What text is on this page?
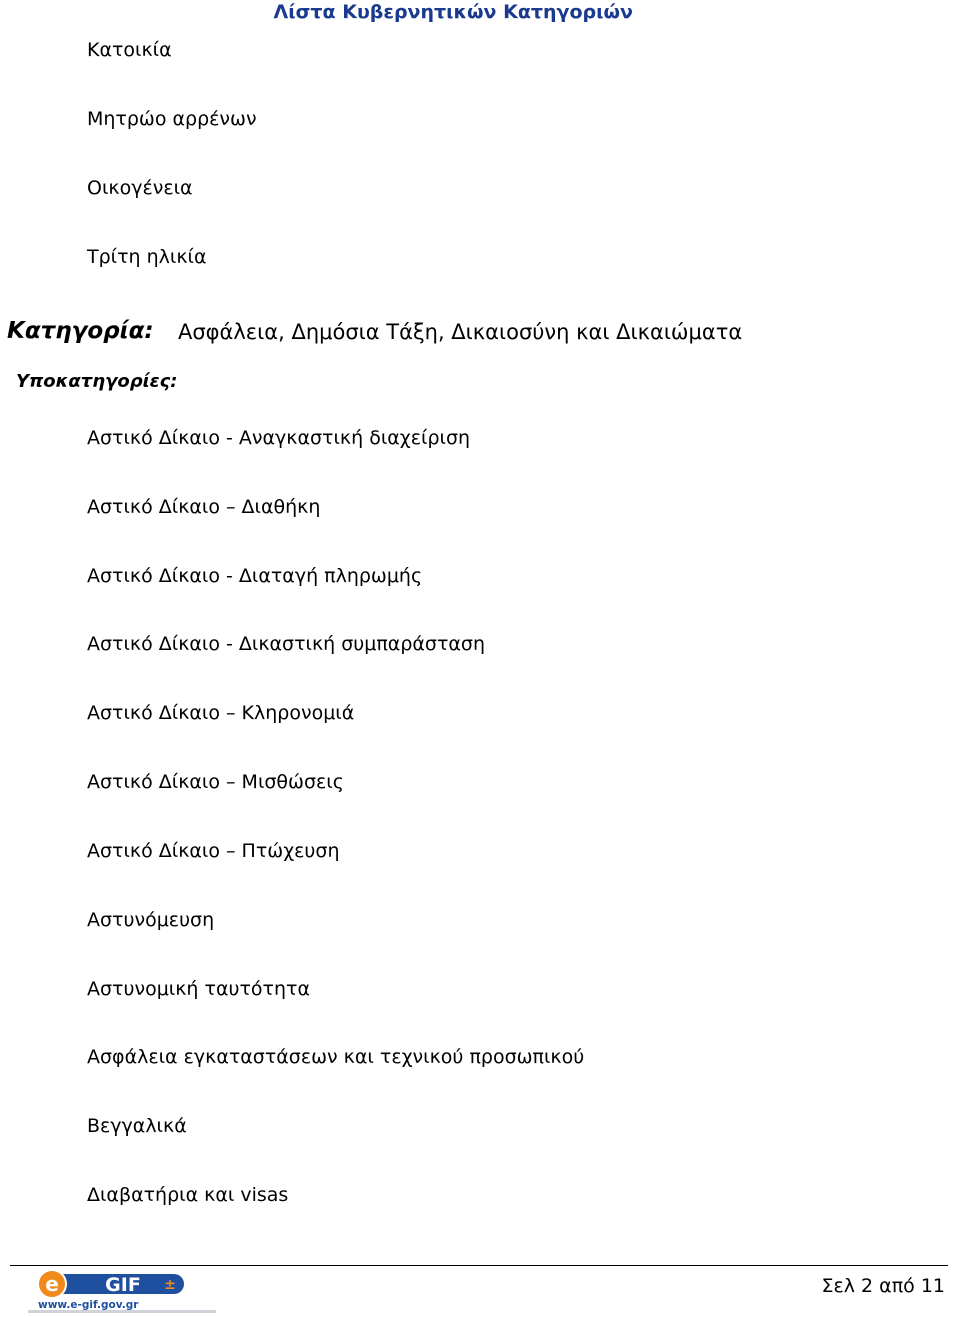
Λίστα Κυβερνητικών Κατηγοριών
Κατοικία
Μητρώο αρρένων
Οικογένεια
Τρίτη ηλικία
Κατηγορία: Ασφάλεια, Δημόσια Τάξη, Δικαιοσύνη και Δικαιώματα
Υποκατηγορίες:
Αστικό Δίκαιο - Αναγκαστική διαχείριση
Αστικό Δίκαιο – Διαθήκη
Αστικό Δίκαιο - Διαταγή πληρωμής
Αστικό Δίκαιο - Δικαστική συμπαράσταση
Αστικό Δίκαιο – Κληρονομιά
Αστικό Δίκαιο – Μισθώσεις
Αστικό Δίκαιο – Πτώχευση
Αστυνόμευση
Αστυνομική ταυτότητα
Ασφάλεια εγκαταστάσεων και τεχνικού προσωπικού
Βεγγαλικά
Διαβατήρια και visas
e GIF ±
www.e-gif.gov.gr
Σελ 2 από 11
